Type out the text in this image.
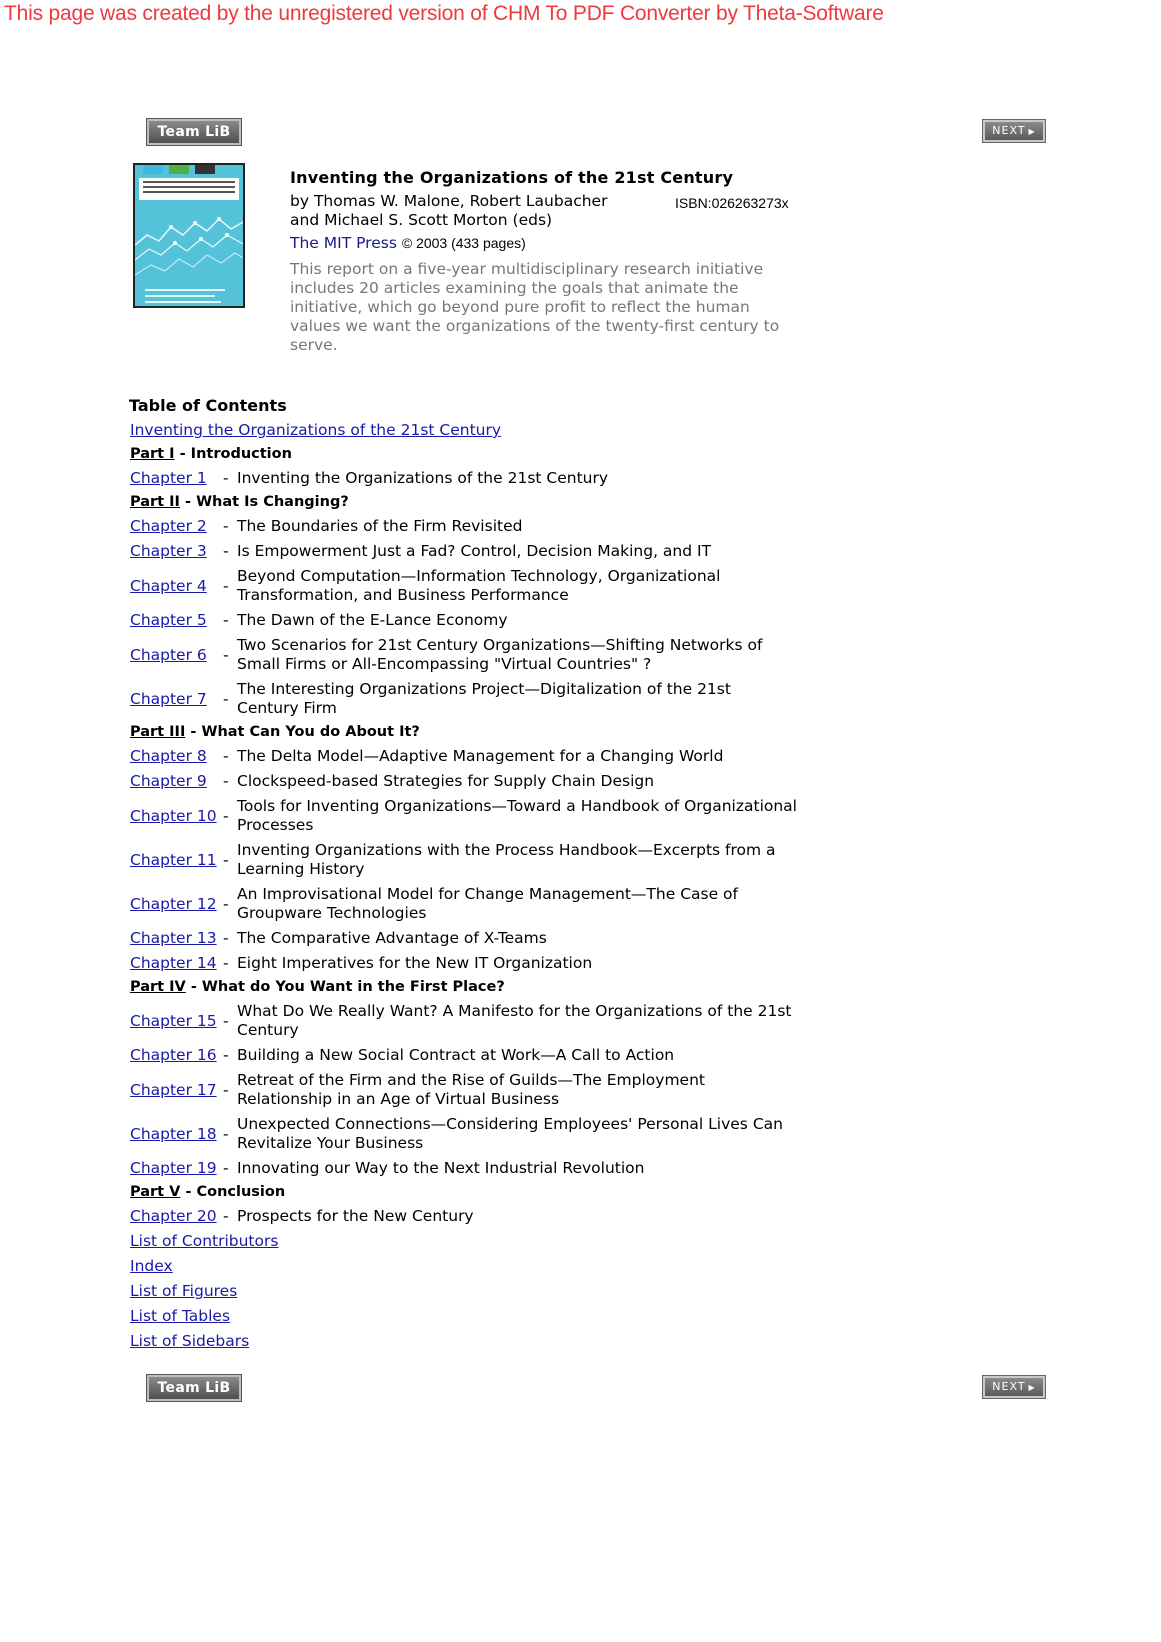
This page was created by the unregistered version of CHM To PDF Converter by Theta-Software

Team LiB	NEXT ▶

Inventing the Organizations of the 21st Century

by Thomas W. Malone, Robert Laubacher and Michael S. Scott Morton (eds)

ISBN:026263273x
The MIT Press © 2003 (433 pages)
This report on a five-year multidisciplinary research initiative includes 20 articles examining the goals that animate the initiative, which go beyond pure profit to reflect the human values we want the organizations of the twenty-first century to serve.

Table of Contents

Inventing the Organizations of the 21st Century
Part I - Introduction
Chapter 1	- Inventing the Organizations of the 21st Century
Part II - What Is Changing?
Chapter 2	- The Boundaries of the Firm Revisited
Chapter 3	- Is Empowerment Just a Fad? Control, Decision Making, and IT
Chapter 4	-
Beyond Computation—Information Technology, Organizational Transformation, and Business Performance
Chapter 5	- The Dawn of the E-Lance Economy
Chapter 6	-
Two Scenarios for 21st Century Organizations—Shifting Networks of Small Firms or All-Encompassing "Virtual Countries" ?
Chapter 7	-
The Interesting Organizations Project—Digitalization of the 21st Century Firm
Part III - What Can You do About It?
Chapter 8	- The Delta Model—Adaptive Management for a Changing World
Chapter 9	- Clockspeed-based Strategies for Supply Chain Design
Chapter 10 -
Tools for Inventing Organizations—Toward a Handbook of Organizational Processes
Chapter 11 -
Inventing Organizations with the Process Handbook—Excerpts from a Learning History
Chapter 12 -
An Improvisational Model for Change Management—The Case of Groupware Technologies
Chapter 13 - The Comparative Advantage of X-Teams
Chapter 14 - Eight Imperatives for the New IT Organization
Part IV - What do You Want in the First Place?
Chapter 15 -
What Do We Really Want? A Manifesto for the Organizations of the 21st Century
Chapter 16 - Building a New Social Contract at Work—A Call to Action
Chapter 17 -
Retreat of the Firm and the Rise of Guilds—The Employment Relationship in an Age of Virtual Business
Chapter 18 -
Unexpected Connections—Considering Employees' Personal Lives Can Revitalize Your Business
Chapter 19 - Innovating our Way to the Next Industrial Revolution
Part V - Conclusion
Chapter 20 - Prospects for the New Century
List of Contributors
Index
List of Figures
List of Tables
List of Sidebars
Team LiB	NEXT ▶
